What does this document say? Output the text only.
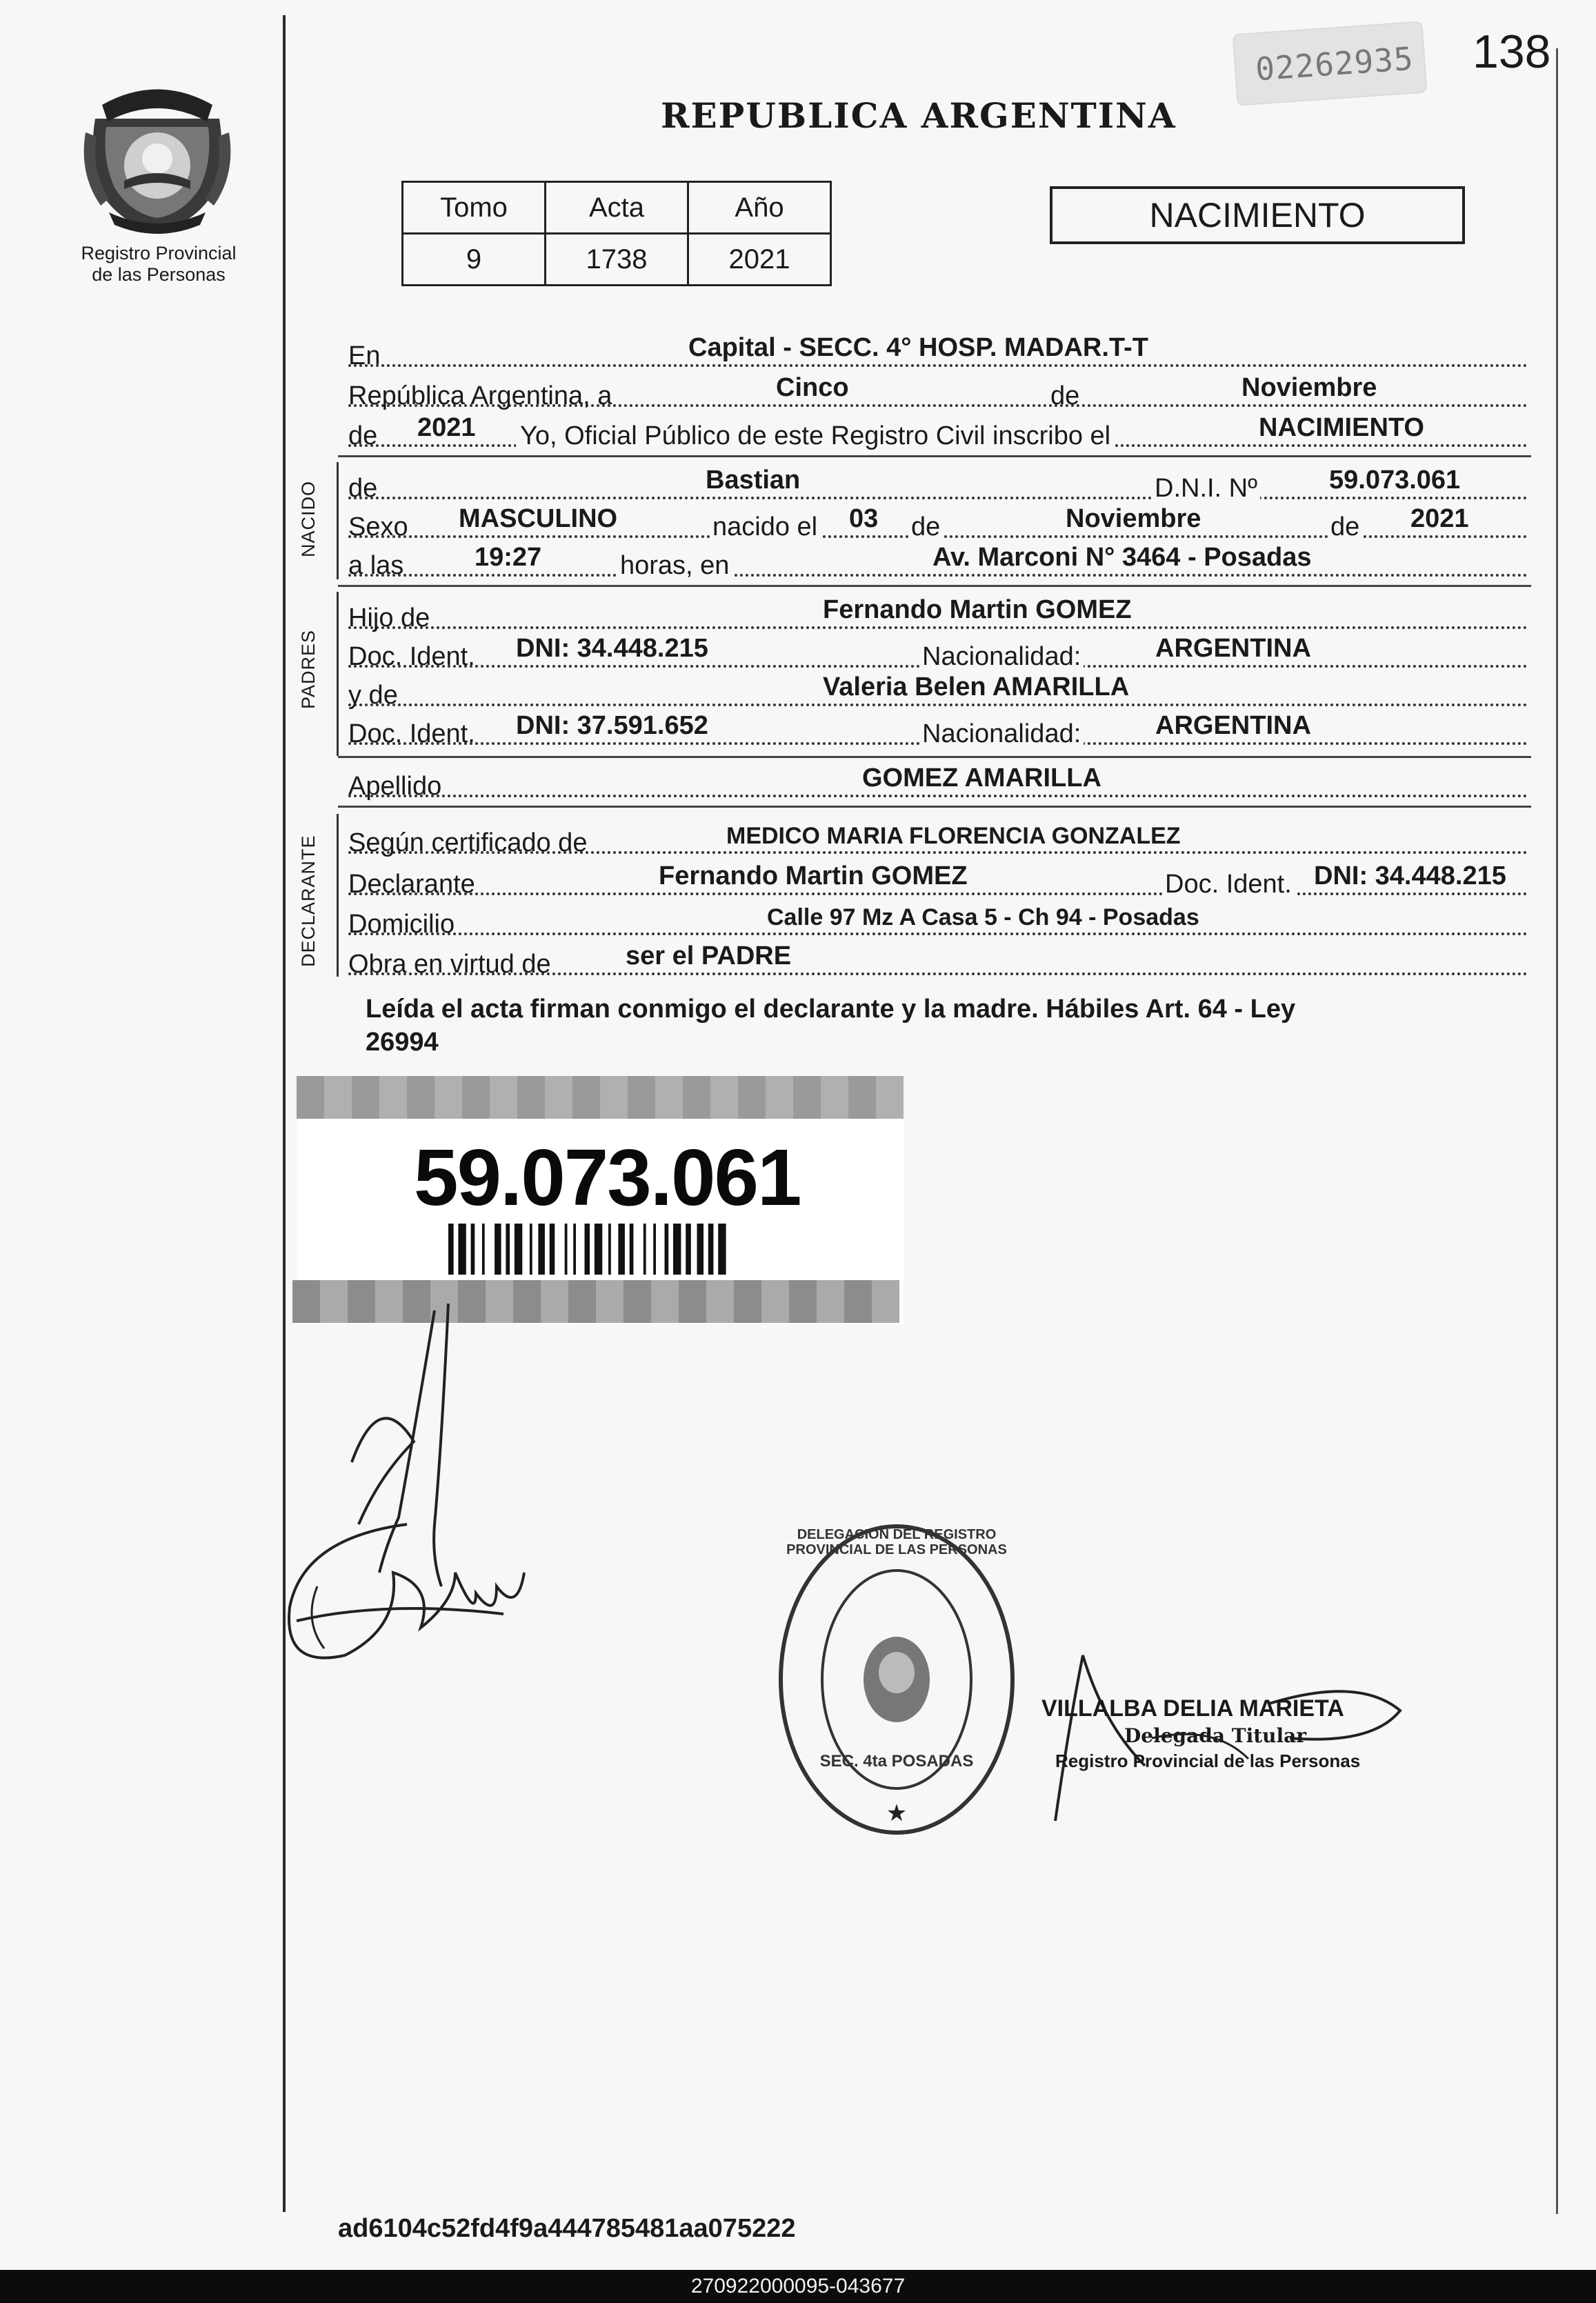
Registro Provincial
de las Personas
02262935 138
REPUBLICA ARGENTINA
Tomo	Acta	Año
9	1738	2021
NACIMIENTO
En	Capital - SECC. 4° HOSP. MADAR.T-T
República Argentina, a	Cinco	de	Noviembre
de 2021 Yo, Oficial Público de este Registro Civil inscribo el	NACIMIENTO
NACIDO de	Bastian	D.N.I. Nº	59.073.061
Sexo MASCULINO	nacido el 03 de	Noviembre	de 2021
a las	19:27	horas, en	Av. Marconi N° 3464 - Posadas
PADRES
Hijo de	Fernando Martin GOMEZ
Doc. Ident. DNI: 34.448.215	Nacionalidad:	ARGENTINA
y de	Valeria Belen AMARILLA
Doc. Ident. DNI: 37.591.652	Nacionalidad:	ARGENTINA
Apellido	GOMEZ AMARILLA
DECLARANTE Según certificado de	MEDICO MARIA FLORENCIA GONZALEZ
Declarante	Fernando Martin GOMEZ	Doc. Ident. DNI: 34.448.215
Domicilio	Calle 97 Mz A Casa 5 - Ch 94 - Posadas
Obra en virtud de	ser el PADRE
Leída el acta firman conmigo el declarante y la madre. Hábiles Art. 64 - Ley
26994
59.073.061
★
DELEGACION DEL REGISTRO PROVINCIAL DE LAS PERSONAS
SEC. 4ta POSADAS
VILLALBA DELIA MARIETA
Delegada Titular
Registro Provincial de las Personas
ad6104c52fd4f9a444785481aa075222
270922000095-043677
